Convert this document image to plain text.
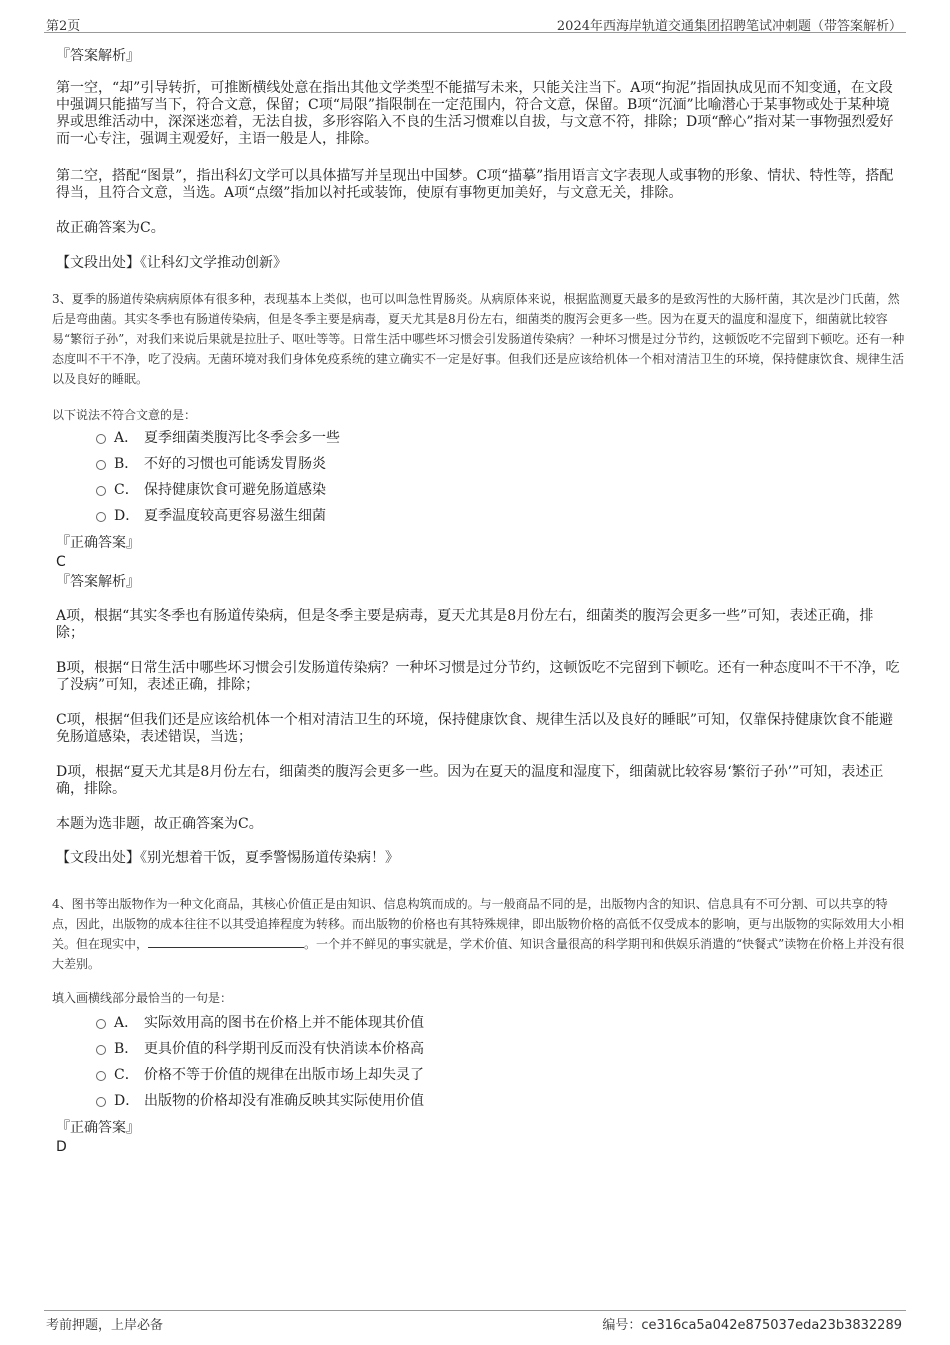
第2页	2024年西海岸轨道交通集团招聘笔试冲刺题（带答案解析）
『答案解析』

第一空，“却”引导转折，可推断横线处意在指出其他文学类型不能描写未来，只能关注当下。A项“拘泥”指固执成见而不知变通，在文段中强调只能描写当下，符合文意，保留；C项“局限”指限制在一定范围内，符合文意，保留。B项“沉湎”比喻潜心于某事物或处于某种境界或思维活动中，深深迷恋着，无法自拔，多形容陷入不良的生活习惯难以自拔，与文意不符，排除；D项“醉心”指对某一事物强烈爱好而一心专注，强调主观爱好，主语一般是人，排除。

第二空，搭配“图景”，指出科幻文学可以具体描写并呈现出中国梦。C项“描摹”指用语言文字表现人或事物的形象、情状、特性等，搭配得当，且符合文意，当选。A项“点缀”指加以衬托或装饰，使原有事物更加美好，与文意无关，排除。

故正确答案为C。

【文段出处】《让科幻文学推动创新》

3、夏季的肠道传染病病原体有很多种，表现基本上类似，也可以叫急性胃肠炎。从病原体来说，根据监测夏天最多的是致泻性的大肠杆菌，其次是沙门氏菌，然后是弯曲菌。其实冬季也有肠道传染病，但是冬季主要是病毒，夏天尤其是8月份左右，细菌类的腹泻会更多一些。因为在夏天的温度和湿度下，细菌就比较容易“繁衍子孙”，对我们来说后果就是拉肚子、呕吐等等。日常生活中哪些坏习惯会引发肠道传染病？一种坏习惯是过分节约，这顿饭吃不完留到下顿吃。还有一种态度叫不干不净，吃了没病。无菌环境对我们身体免疫系统的建立确实不一定是好事。但我们还是应该给机体一个相对清洁卫生的环境，保持健康饮食、规律生活以及良好的睡眠。

以下说法不符合文意的是：

A． 夏季细菌类腹泻比冬季会多一些
B． 不好的习惯也可能诱发胃肠炎
C． 保持健康饮食可避免肠道感染
D． 夏季温度较高更容易滋生细菌
『正确答案』
C
『答案解析』

A项，根据“其实冬季也有肠道传染病，但是冬季主要是病毒，夏天尤其是8月份左右，细菌类的腹泻会更多一些”可知，表述正确，排除；

B项，根据“日常生活中哪些坏习惯会引发肠道传染病？一种坏习惯是过分节约，这顿饭吃不完留到下顿吃。还有一种态度叫不干不净，吃了没病”可知，表述正确，排除；

C项，根据“但我们还是应该给机体一个相对清洁卫生的环境，保持健康饮食、规律生活以及良好的睡眠”可知，仅靠保持健康饮食不能避免肠道感染，表述错误，当选；

D项，根据“夏天尤其是8月份左右，细菌类的腹泻会更多一些。因为在夏天的温度和湿度下，细菌就比较容易‘繁衍子孙’”可知，表述正确，排除。

本题为选非题，故正确答案为C。

【文段出处】《别光想着干饭，夏季警惕肠道传染病！》

4、图书等出版物作为一种文化商品，其核心价值正是由知识、信息构筑而成的。与一般商品不同的是，出版物内含的知识、信息具有不可分割、可以共享的特点，因此，出版物的成本往往不以其受追捧程度为转移。而出版物的价格也有其特殊规律，即出版物价格的高低不仅受成本的影响，更与出版物的实际效用大小相关。但在现实中，	。一个并不鲜见的事实就是，学术价值、知识含量很高的科学期刊和供娱乐消遣的“快餐式”读物在价格上并没有很大差别。

填入画横线部分最恰当的一句是：

A． 实际效用高的图书在价格上并不能体现其价值
B． 更具价值的科学期刊反而没有快消读本价格高
C． 价格不等于价值的规律在出版市场上却失灵了
D． 出版物的价格却没有准确反映其实际使用价值
『正确答案』
D
考前押题，上岸必备	编号：ce316ca5a042e875037eda23b3832289
